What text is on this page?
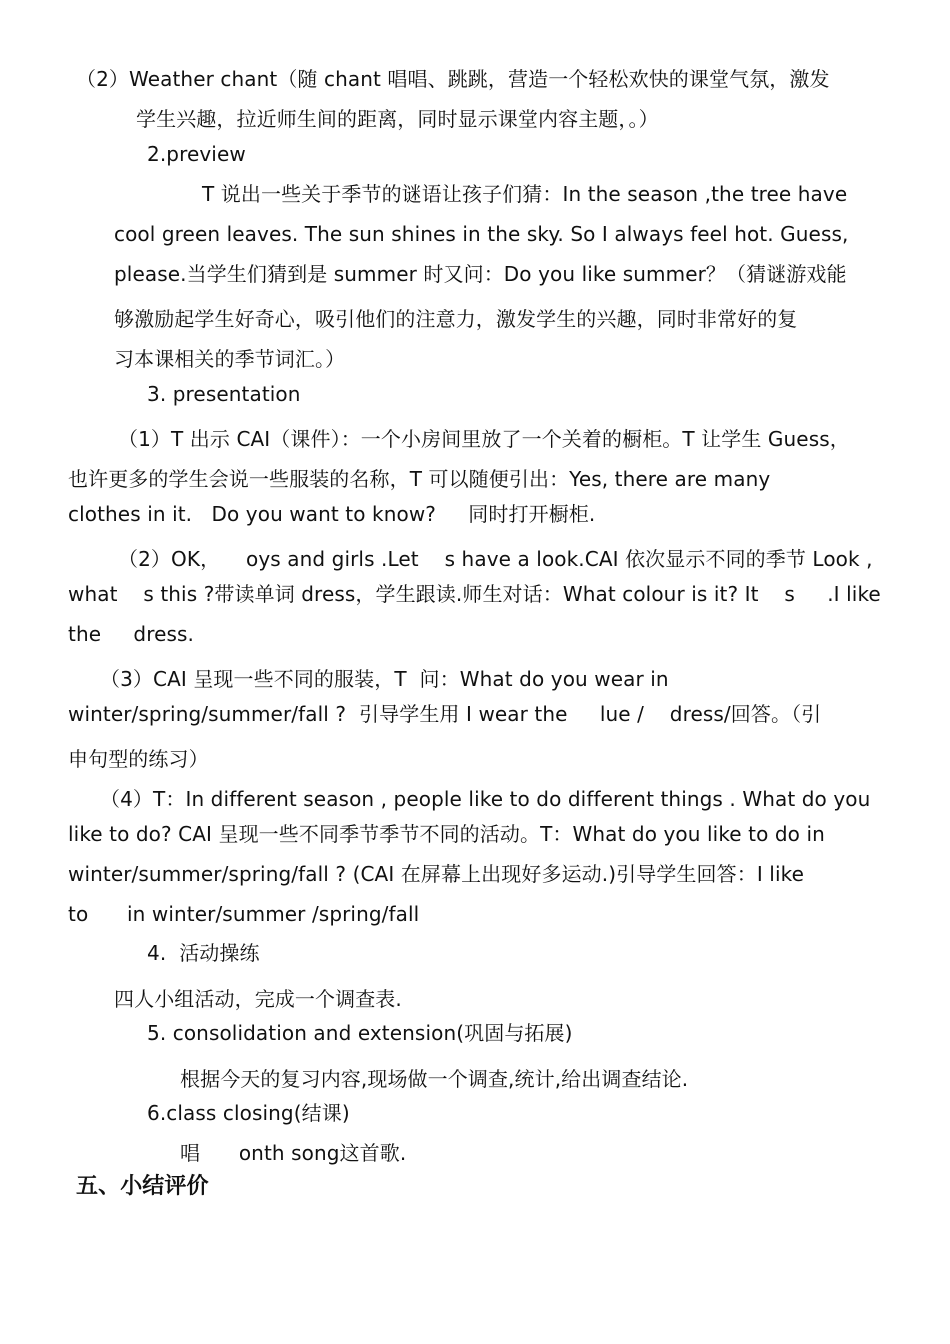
（2）Weather chant（随 chant 唱唱、跳跳，营造一个轻松欢快的课堂气氛，激发
学生兴趣，拉近师生间的距离，同时显示课堂内容主题，。）
2.preview
T 说出一些关于季节的谜语让孩子们猜：In the season ,the tree have
cool green leaves. The sun shines in the sky. So I always feel hot. Guess,
please.当学生们猜到是 summer 时又问：Do you like summer？（猜谜游戏能
够激励起学生好奇心，吸引他们的注意力，激发学生的兴趣，同时非常好的复
习本课相关的季节词汇。）
3. presentation
（1）T 出示 CAI（课件）：一个小房间里放了一个关着的橱柜。T 让学生 Guess，
也许更多的学生会说一些服装的名称，T 可以随便引出：Yes, there are many
clothes in it.   Do you want to know?     同时打开橱柜.
（2）OK，    oys and girls .Let    s have a look.CAI 依次显示不同的季节 Look ,
what    s this ?带读单词 dress，学生跟读.师生对话：What colour is it? It    s     .I like
the     dress.
（3）CAI 呈现一些不同的服装，T  问：What do you wear in
winter/spring/summer/fall ?  引导学生用 I wear the     lue /    dress/回答。（引
申句型的练习）
（4）T：In different season , people like to do different things . What do you
like to do? CAI 呈现一些不同季节季节不同的活动。T：What do you like to do in
winter/summer/spring/fall ? (CAI 在屏幕上出现好多运动.)引导学生回答：I like
to      in winter/summer /spring/fall
4.  活动操练
四人小组活动，完成一个调查表.
5. consolidation and extension(巩固与拓展)
根据今天的复习内容,现场做一个调查,统计,给出调查结论.
6.class closing(结课)
唱      onth song这首歌.
五、小结评价
